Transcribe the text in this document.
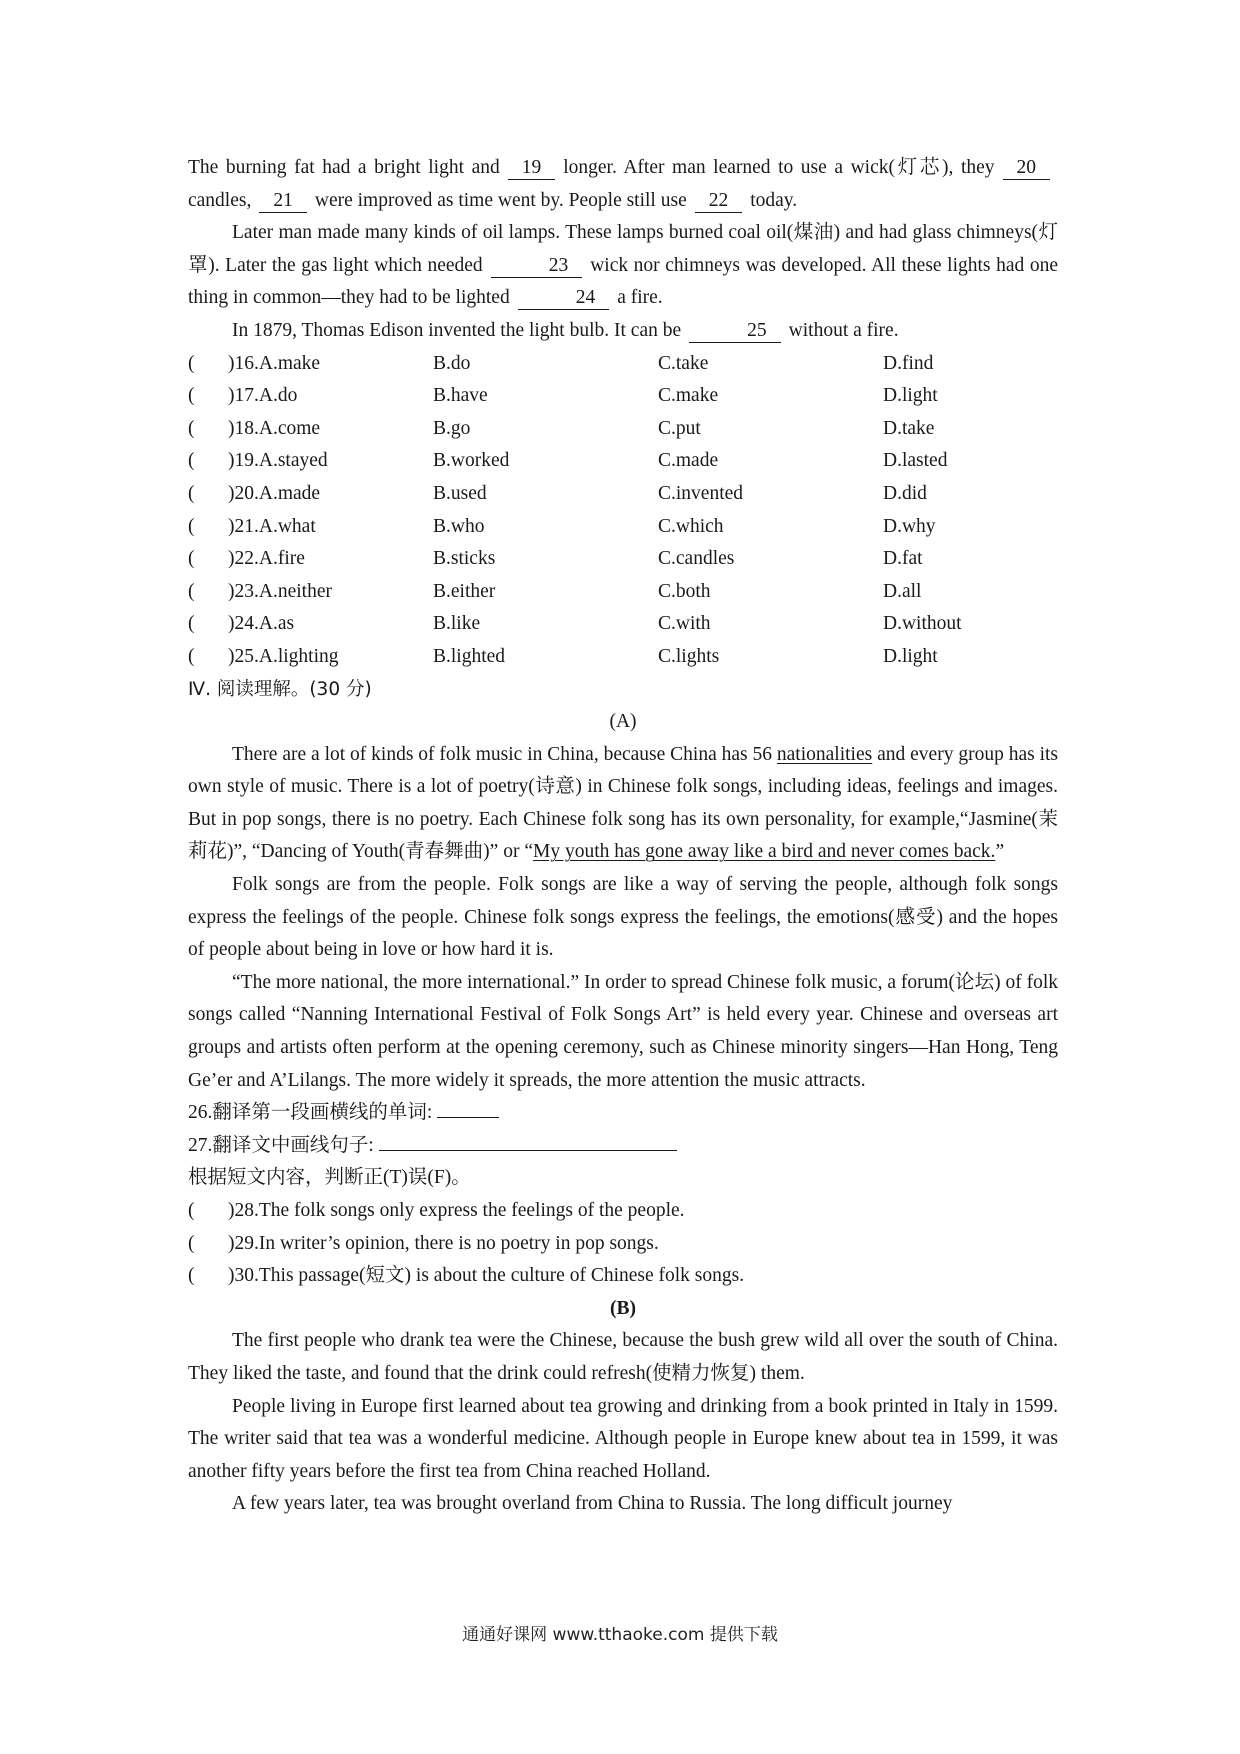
The burning fat had a bright light and 19 longer. After man learned to use a wick(灯芯), they 20candles, 21 were improved as time went by. People still use 22 today.

Later man made many kinds of oil lamps. These lamps burned coal oil(煤油) and had glass chimneys(灯罩). Later the gas light which needed	23 wick nor chimneys was developed. All these lights had one thing in common—they had to be lighted	24 a fire.

In 1879, Thomas Edison invented the light bulb. It can be	25 without a fire.

( )16.A.make	B.do	C.take	D.find
( )17.A.do	B.have	C.make	D.light
( )18.A.come	B.go	C.put	D.take
( )19.A.stayed	B.worked	C.made	D.lasted
( )20.A.made	B.used	C.invented	D.did
( )21.A.what	B.who	C.which	D.why
( )22.A.fire	B.sticks	C.candles	D.fat
( )23.A.neither	B.either	C.both	D.all
( )24.A.as	B.like	C.with	D.without
( )25.A.lighting	B.lighted	C.lights	D.light

Ⅳ. 阅读理解。(30 分)

(A)

There are a lot of kinds of folk music in China, because China has 56 nationalities and every group has its own style of music. There is a lot of poetry(诗意) in Chinese folk songs, including ideas, feelings and images. But in pop songs, there is no poetry. Each Chinese folk song has its own personality, for example,“Jasmine(茉莉花)”, “Dancing of Youth(青春舞曲)” or “My youth has gone away like a bird and never comes back.”

Folk songs are from the people. Folk songs are like a way of serving the people, although folk songs express the feelings of the people. Chinese folk songs express the feelings, the emotions(感受) and the hopes of people about being in love or how hard it is.

“The more national, the more international.” In order to spread Chinese folk music, a forum(论坛) of folk songs called “Nanning International Festival of Folk Songs Art” is held every year. Chinese and overseas art groups and artists often perform at the opening ceremony, such as Chinese minority singers—Han Hong, Teng Ge’er and A’Lilangs. The more widely it spreads, the more attention the music attracts.

26.翻译第一段画横线的单词:

27.翻译文中画线句子:

根据短文内容，判断正(T)误(F)。

( )28.The folk songs only express the feelings of the people.
( )29.In writer’s opinion, there is no poetry in pop songs.
( )30.This passage(短文) is about the culture of Chinese folk songs.

(B)

The first people who drank tea were the Chinese, because the bush grew wild all over the south of China. They liked the taste, and found that the drink could refresh(使精力恢复) them.

People living in Europe first learned about tea growing and drinking from a book printed in Italy in 1599. The writer said that tea was a wonderful medicine. Although people in Europe knew about tea in 1599, it was another fifty years before the first tea from China reached Holland.

A few years later, tea was brought overland from China to Russia. The long difficult journey

通通好课网 www.tthaoke.com 提供下载
